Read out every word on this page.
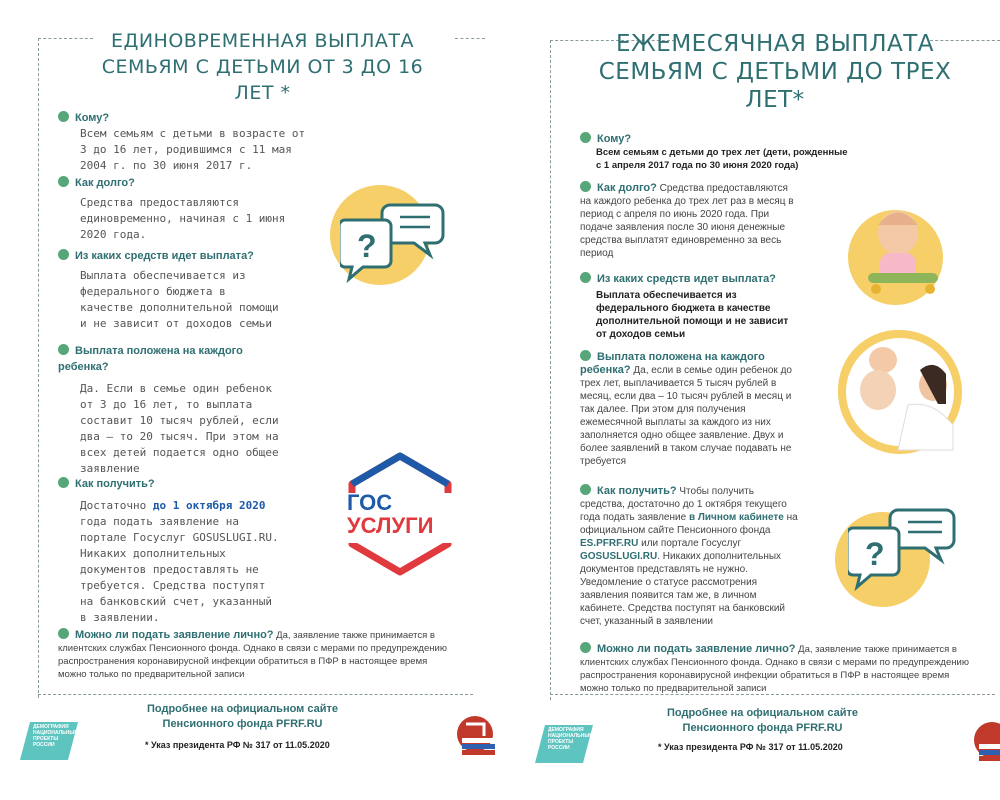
ЕДИНОВРЕМЕННАЯ ВЫПЛАТА СЕМЬЯМ С ДЕТЬМИ ОТ 3 ДО 16 ЛЕТ *
Кому?
Всем семьям с детьми в возрасте от 3 до 16 лет, родившимся с 11 мая 2004 г. по 30 июня 2017 г.
Как долго?
Средства предоставляются единовременно, начиная с 1 июня 2020 года.
Из каких средств идет выплата?
Выплата обеспечивается из федерального бюджета в качестве дополнительной помощи и не зависит от доходов семьи
Выплата положена на каждого ребенка?
Да. Если в семье один ребенок от 3 до 16 лет, то выплата составит 10 тысяч рублей, если два – то 20 тысяч. При этом на всех детей подается одно общее заявление
Как получить?
Достаточно до 1 октября 2020 года подать заявление на портале Госуслуг GOSUSLUGI.RU. Никаких дополнительных документов предоставлять не требуется. Средства поступят на банковский счет, указанный в заявлении.
Можно ли подать заявление лично? Да, заявление также принимается в клиентских службах Пенсионного фонда. Однако в связи с мерами по предупреждению распространения коронавирусной инфекции обратиться в ПФР в настоящее время можно только по предварительной записи
?
ГОС
УСЛУГИ
Подробнее на официальном сайте Пенсионного фонда PFRF.RU
* Указ президента РФ № 317 от 11.05.2020
ДЕМОГРАФИЯ НАЦИОНАЛЬНЫЕ ПРОЕКТЫ РОССИИ
ЕЖЕМЕСЯЧНАЯ ВЫПЛАТА СЕМЬЯМ С ДЕТЬМИ ДО ТРЕХ ЛЕТ*
Кому?
Всем семьям с детьми до трех лет (дети, рожденные с 1 апреля 2017 года по 30 июня 2020 года)
Как долго? Средства предоставляются на каждого ребенка до трех лет раз в месяц в период с апреля по июнь 2020 года. При подаче заявления после 30 июня денежные средства выплатят единовременно за весь период
Из каких средств идет выплата?
Выплата обеспечивается из федерального бюджета в качестве дополнительной помощи и не зависит от доходов семьи
Выплата положена на каждого ребенка? Да, если в семье один ребенок до трех лет, выплачивается 5 тысяч рублей в месяц, если два – 10 тысяч рублей в месяц и так далее. При этом для получения ежемесячной выплаты за каждого из них заполняется одно общее заявление. Двух и более заявлений в таком случае подавать не требуется
Как получить? Чтобы получить средства, достаточно до 1 октября текущего года подать заявление в Личном кабинете на официальном сайте Пенсионного фонда ES.PFRF.RU или портале Госуслуг GOSUSLUGI.RU. Никаких дополнительных документов представлять не нужно. Уведомление о статусе рассмотрения заявления появится там же, в личном кабинете. Средства поступят на банковский счет, указанный в заявлении
Можно ли подать заявление лично? Да, заявление также принимается в клиентских службах Пенсионного фонда. Однако в связи с мерами по предупреждению распространения коронавирусной инфекции обратиться в ПФР в настоящее время можно только по предварительной записи
?
Подробнее на официальном сайте Пенсионного фонда PFRF.RU
* Указ президента РФ № 317 от 11.05.2020
ДЕМОГРАФИЯ НАЦИОНАЛЬНЫЕ ПРОЕКТЫ РОССИИ
